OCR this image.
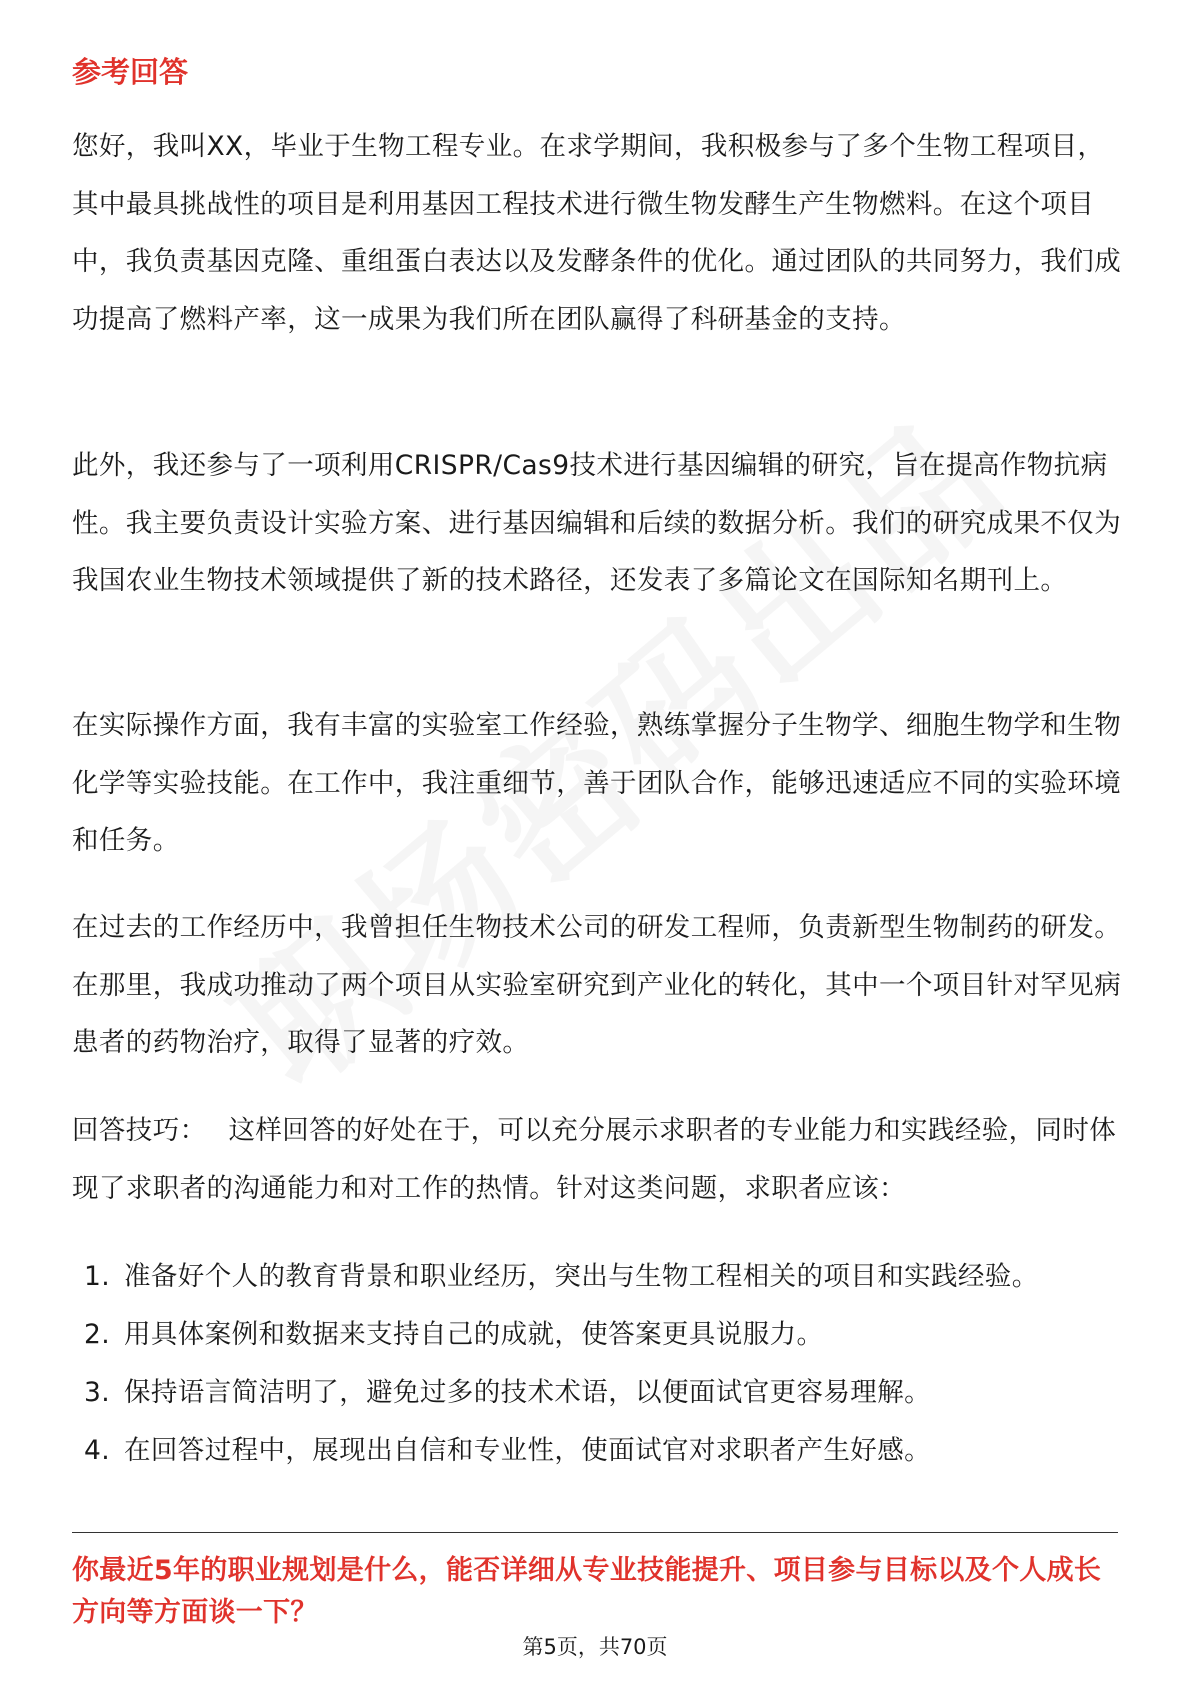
参考回答

您好，我叫XX，毕业于生物工程专业。在求学期间，我积极参与了多个生物工程项目，其中最具挑战性的项目是利用基因工程技术进行微生物发酵生产生物燃料。在这个项目中，我负责基因克隆、重组蛋白表达以及发酵条件的优化。通过团队的共同努力，我们成功提高了燃料产率，这一成果为我们所在团队赢得了科研基金的支持。

此外，我还参与了一项利用CRISPR/Cas9技术进行基因编辑的研究，旨在提高作物抗病性。我主要负责设计实验方案、进行基因编辑和后续的数据分析。我们的研究成果不仅为我国农业生物技术领域提供了新的技术路径，还发表了多篇论文在国际知名期刊上。

在实际操作方面，我有丰富的实验室工作经验，熟练掌握分子生物学、细胞生物学和生物化学等实验技能。在工作中，我注重细节，善于团队合作，能够迅速适应不同的实验环境和任务。

在过去的工作经历中，我曾担任生物技术公司的研发工程师，负责新型生物制药的研发。在那里，我成功推动了两个项目从实验室研究到产业化的转化，其中一个项目针对罕见病患者的药物治疗，取得了显著的疗效。

回答技巧： 这样回答的好处在于，可以充分展示求职者的专业能力和实践经验，同时体现了求职者的沟通能力和对工作的热情。针对这类问题，求职者应该：

1. 准备好个人的教育背景和职业经历，突出与生物工程相关的项目和实践经验。
2. 用具体案例和数据来支持自己的成就，使答案更具说服力。
3. 保持语言简洁明了，避免过多的技术术语，以便面试官更容易理解。
4. 在回答过程中，展现出自信和专业性，使面试官对求职者产生好感。
你最近5年的职业规划是什么，能否详细从专业技能提升、项目参与目标以及个人成长方向等方面谈一下？
第5页，共70页
